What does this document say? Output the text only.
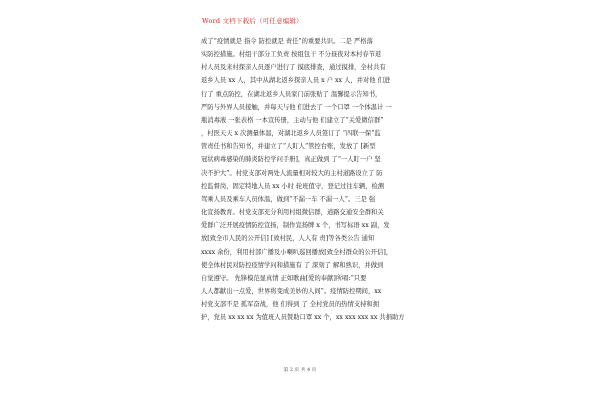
Word 文档下载后（可任意编辑）
成了“疫情就是 指令 防控就是 责任”的重要共识。二是 严格落
实防控措施。村组干部分工负责 按组包干 不分昼夜对本村春节返
村人员及来村探亲人员逐户进行了 摸底排查，通过摸排，全村共有
返乡人员 xx 人，其中从湖北返乡探亲人员 x 户 xx 人，并对他 们进
行了 重点防控，在湖北返乡人员家门前张贴了 温馨提示告知书，
严防与外界人员接触，并每天与他 们进去了 一个口罩 一个体温计 一
瓶消毒液 一张表格 一本宣传册，主动与他 们建立了“关爱微信群”
，村医天天 x 次测量体温，对湖北返乡人员签订了 “四联一保”监
管责任书和告知书，并建立了“人盯人”管控台账，发放了 [新型
冠状病毒感染的肺炎防控学问手册]，真正做到 了“一人盯一户 坚
决不护大”。村党支部对两处人流量相对较大的主村道路设立了 防
控监督岗，固定特地人员 xx 小时 轮班值守，登记过往车辆，检测
驾乘人员及乘车人员体温，做到“不漏一车 不漏一人”。三是 强
化宣扬教育。村党支部充分利用村组微信群，道路交通安全群和关
爱群广泛开展疫情防控宣扬，制作宣扬牌 x 个，书写标语 xx 副，发
放[致全市人民的公开信] [致村民，人人有 责]等各类公告 通知
xxxx 余份，利用村部广播及小喇叭巡回播放[致全村群众的公开信]，
使全体村民对防控疫情学问和措施有 了 深刻了 解和熟识，并做到
自觉遵守。 先锋模范显真情 正如歌曲[爱的奉献]所唱:“只要
人人都献出一点爱，世界将变成美妙的人间”。疫情防控期间，xx
村党支部不是 孤军奋战，他 们得到 了 全村党员的热情支持和拥
护，党员 xx xx xx 为值班人员赞助口罩 xx 个，xx xxx xxx xx 共捐助方
第 2 页 共 4 页
